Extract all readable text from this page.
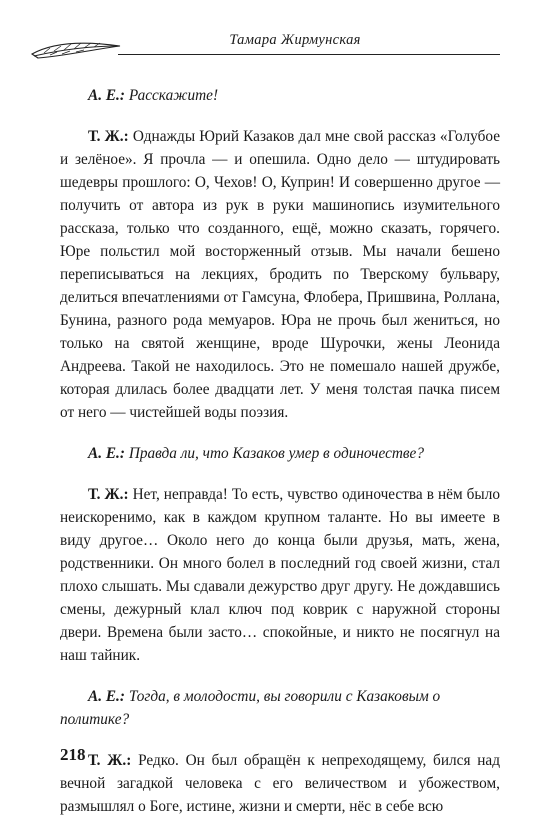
Тамара Жирмунская

А. Е.: Расскажите!

Т. Ж.: Однажды Юрий Казаков дал мне свой рассказ «Голубое и зелёное». Я прочла — и опешила. Одно дело — штудировать шедевры прошлого: О, Чехов! О, Куприн! И совершенно другое — получить от автора из рук в руки машинопись изумительного рассказа, только что созданного, ещё, можно сказать, горячего. Юре польстил мой восторженный отзыв. Мы начали бешено переписываться на лекциях, бродить по Тверскому бульвару, делиться впечатлениями от Гамсуна, Флобера, Пришвина, Роллана, Бунина, разного рода мемуаров. Юра не прочь был жениться, но только на святой женщине, вроде Шурочки, жены Леонида Андреева. Такой не находилось. Это не помешало нашей дружбе, которая длилась более двадцати лет. У меня толстая пачка писем от него — чистейшей воды поэзия.

А. Е.: Правда ли, что Казаков умер в одиночестве?

Т. Ж.: Нет, неправда! То есть, чувство одиночества в нём было неискоренимо, как в каждом крупном таланте. Но вы имеете в виду другое… Около него до конца были друзья, мать, жена, родственники. Он много болел в последний год своей жизни, стал плохо слышать. Мы сдавали дежурство друг другу. Не дождавшись смены, дежурный клал ключ под коврик с наружной стороны двери. Времена были засто… спокойные, и никто не посягнул на наш тайник.

А. Е.: Тогда, в молодости, вы говорили с Казаковым о политике?

Т. Ж.: Редко. Он был обращён к непреходящему, бился над вечной загадкой человека с его величеством и убожеством, размышлял о Боге, истине, жизни и смерти, нёс в себе всю

218
